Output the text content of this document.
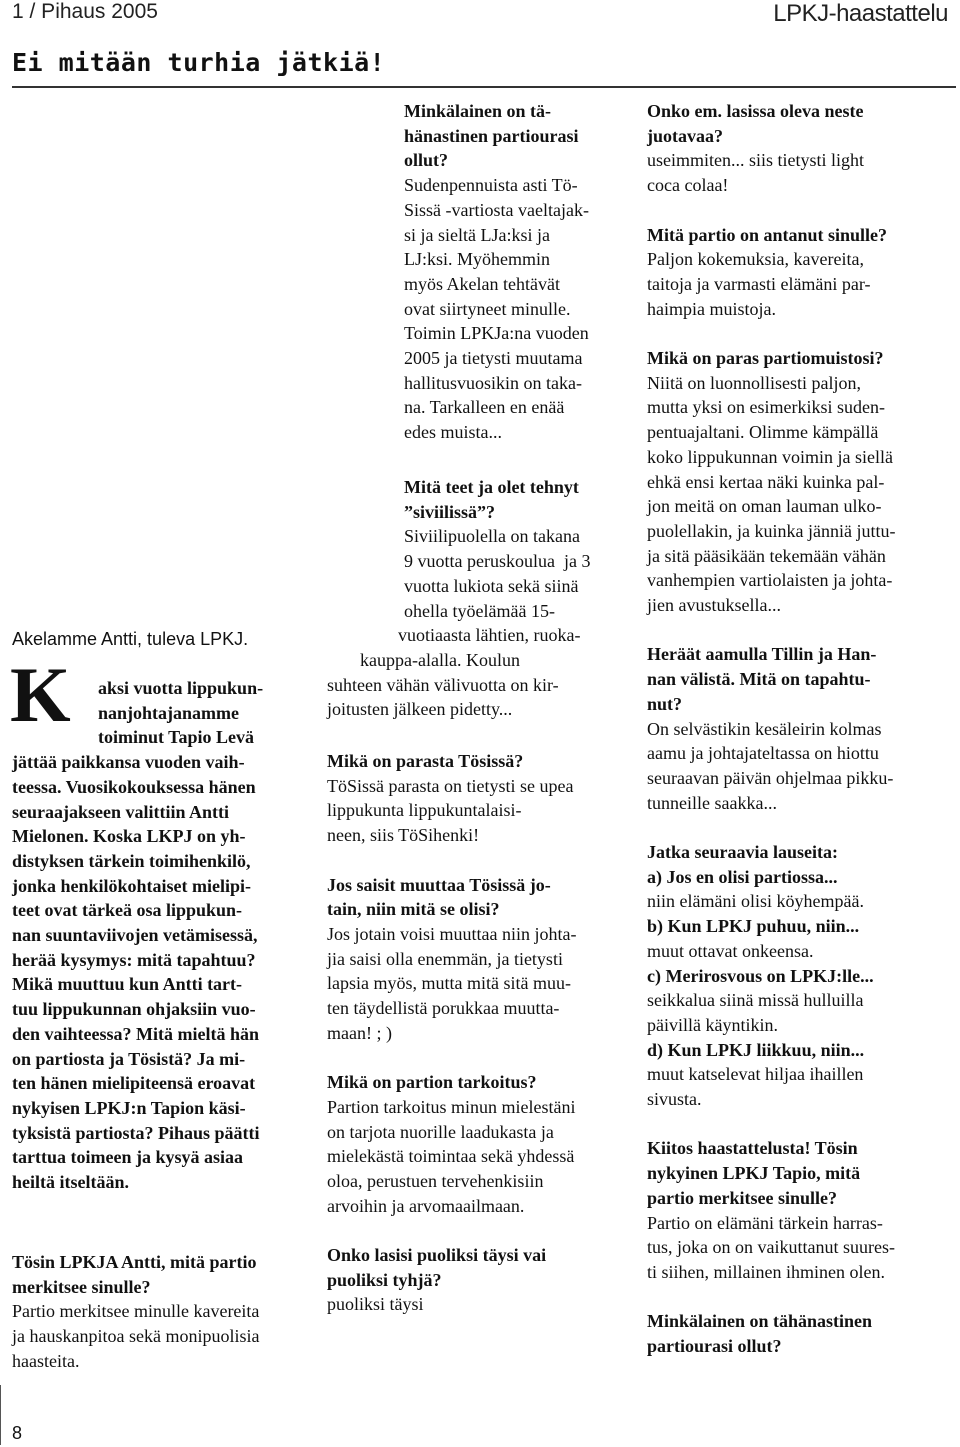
1 / Pihaus 2005	LPKJ-haastattelu
Ei mitään turhia jätkiä!
Akelamme Antti, tuleva LPKJ.
K	aksi vuotta lippukun-
nanjohtajanamme
toiminut Tapio Levä
jättää paikkansa vuoden vaih-
teessa. Vuosikokouksessa hänen
seuraajakseen valittiin Antti
Mielonen. Koska LKPJ on yh-
distyksen tärkein toimihenkilö,
jonka henkilökohtaiset mielipi-
teet ovat tärkeä osa lippukun-
nan suuntaviivojen vetämisessä,
herää kysymys: mitä tapahtuu?
Mikä muuttuu kun Antti tart-
tuu lippukunnan ohjaksiin vuo-
den vaihteessa? Mitä mieltä hän
on partiosta ja Tösistä? Ja mi-
ten hänen mielipiteensä eroavat
nykyisen LPKJ:n Tapion käsi-
tyksistä partiosta? Pihaus päätti
tarttua toimeen ja kysyä asiaa
heiltä itseltään.
Tösin LPKJA Antti, mitä partio
merkitsee sinulle?
Partio merkitsee minulle kavereita
ja hauskanpitoa sekä monipuolisia
haasteita.
Minkälainen on tä-
hänastinen partiourasi
ollut?
Sudenpennuista asti Tö-
Sissä -vartiosta vaeltajak-
si ja sieltä LJa:ksi ja
LJ:ksi. Myöhemmin
myös Akelan tehtävät
ovat siirtyneet minulle.
Toimin LPKJa:na vuoden
2005 ja tietysti muutama
hallitusvuosikin on taka-
na. Tarkalleen en enää
edes muista...
Mitä teet ja olet tehnyt
”siviilissä”?
Siviilipuolella on takana
9 vuotta peruskoulua  ja 3
vuotta lukiota sekä siinä
ohella työelämää 15-
vuotiaasta lähtien, ruoka-
kauppa-alalla. Koulun
suhteen vähän välivuotta on kir-
joitusten jälkeen pidetty...
Mikä on parasta Tösissä?
TöSissä parasta on tietysti se upea
lippukunta lippukuntalaisi-
neen, siis TöSihenki!
Jos saisit muuttaa Tösissä jo-
tain, niin mitä se olisi?
Jos jotain voisi muuttaa niin johta-
jia saisi olla enemmän, ja tietysti
lapsia myös, mutta mitä sitä muu-
ten täydellistä porukkaa muutta-
maan! ; )
Mikä on partion tarkoitus?
Partion tarkoitus minun mielestäni
on tarjota nuorille laadukasta ja
mielekästä toimintaa sekä yhdessä
oloa, perustuen tervehenkisiin
arvoihin ja arvomaailmaan.
Onko lasisi puoliksi täysi vai
puoliksi tyhjä?
puoliksi täysi
Onko em. lasissa oleva neste
juotavaa?
useimmiten... siis tietysti light
coca colaa!
Mitä partio on antanut sinulle?
Paljon kokemuksia, kavereita,
taitoja ja varmasti elämäni par-
haimpia muistoja.
Mikä on paras partiomuistosi?
Niitä on luonnollisesti paljon,
mutta yksi on esimerkiksi suden-
pentuajaltani. Olimme kämpällä
koko lippukunnan voimin ja siellä
ehkä ensi kertaa näki kuinka pal-
jon meitä on oman lauman ulko-
puolellakin, ja kuinka jänniä juttu-
ja sitä pääsikään tekemään vähän
vanhempien vartiolaisten ja johta-
jien avustuksella...
Heräät aamulla Tillin ja Han-
nan välistä. Mitä on tapahtu-
nut?
On selvästikin kesäleirin kolmas
aamu ja johtajateltassa on hiottu
seuraavan päivän ohjelmaa pikku-
tunneille saakka...
Jatka seuraavia lauseita:
a) Jos en olisi partiossa...
niin elämäni olisi köyhempää.
b) Kun LPKJ puhuu, niin...
muut ottavat onkeensa.
c) Merirosvous on LPKJ:lle...
seikkalua siinä missä hulluilla
päivillä käyntikin.
d) Kun LPKJ liikkuu, niin...
muut katselevat hiljaa ihaillen
sivusta.
Kiitos haastattelusta! Tösin
nykyinen LPKJ Tapio, mitä
partio merkitsee sinulle?
Partio on elämäni tärkein harras-
tus, joka on on vaikuttanut suures-
ti siihen, millainen ihminen olen.
Minkälainen on tähänastinen
partiourasi ollut?
8
